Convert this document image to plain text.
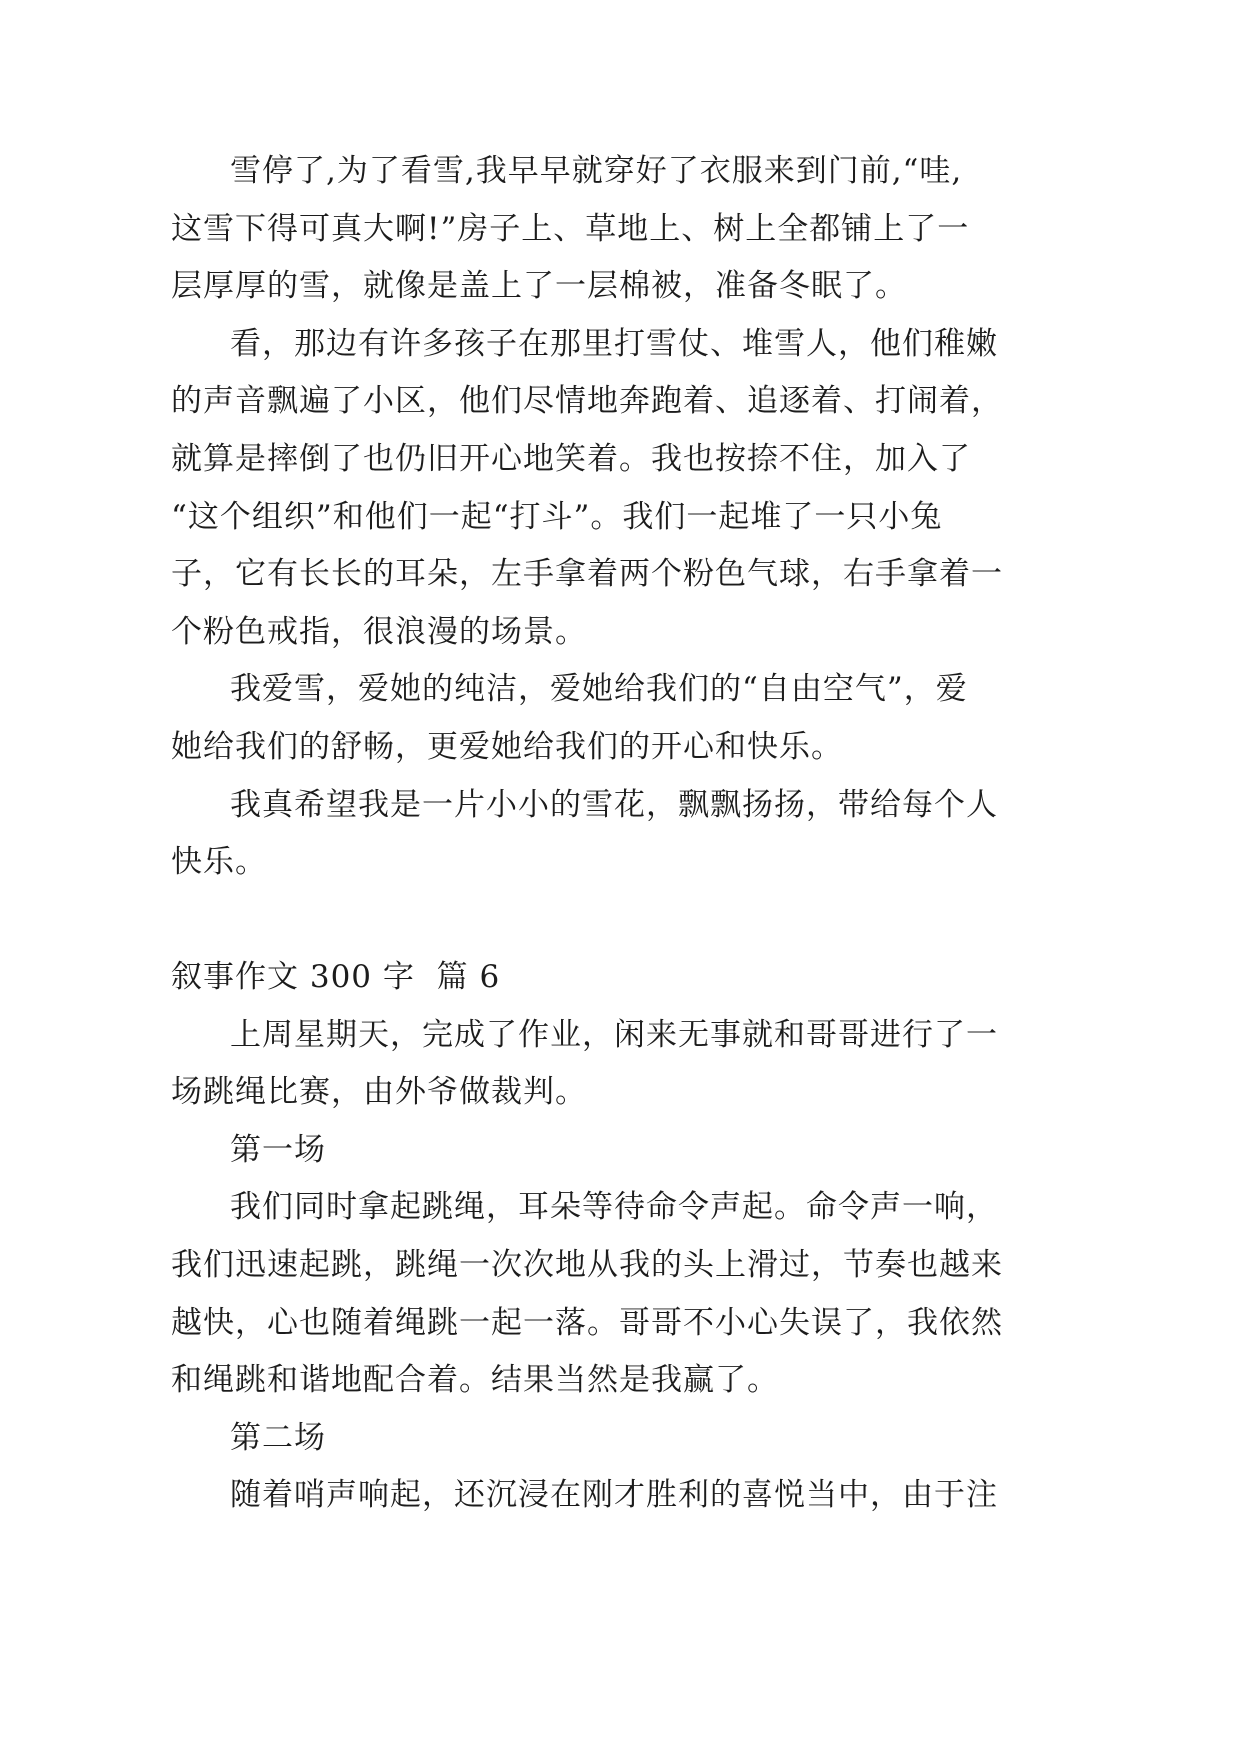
雪停了,为了看雪,我早早就穿好了衣服来到门前,“哇,
这雪下得可真大啊!”房子上、草地上、树上全都铺上了一
层厚厚的雪，就像是盖上了一层棉被，准备冬眠了。
看，那边有许多孩子在那里打雪仗、堆雪人，他们稚嫩
的声音飘遍了小区，他们尽情地奔跑着、追逐着、打闹着，
就算是摔倒了也仍旧开心地笑着。我也按捺不住，加入了
“这个组织”和他们一起“打斗”。我们一起堆了一只小兔
子，它有长长的耳朵，左手拿着两个粉色气球，右手拿着一
个粉色戒指，很浪漫的场景。
我爱雪，爱她的纯洁，爱她给我们的“自由空气”，爱
她给我们的舒畅，更爱她给我们的开心和快乐。
我真希望我是一片小小的雪花，飘飘扬扬，带给每个人
快乐。
叙事作文 300 字  篇 6
上周星期天，完成了作业，闲来无事就和哥哥进行了一
场跳绳比赛，由外爷做裁判。
第一场
我们同时拿起跳绳，耳朵等待命令声起。命令声一响，
我们迅速起跳，跳绳一次次地从我的头上滑过，节奏也越来
越快，心也随着绳跳一起一落。哥哥不小心失误了，我依然
和绳跳和谐地配合着。结果当然是我赢了。
第二场
随着哨声响起，还沉浸在刚才胜利的喜悦当中，由于注
